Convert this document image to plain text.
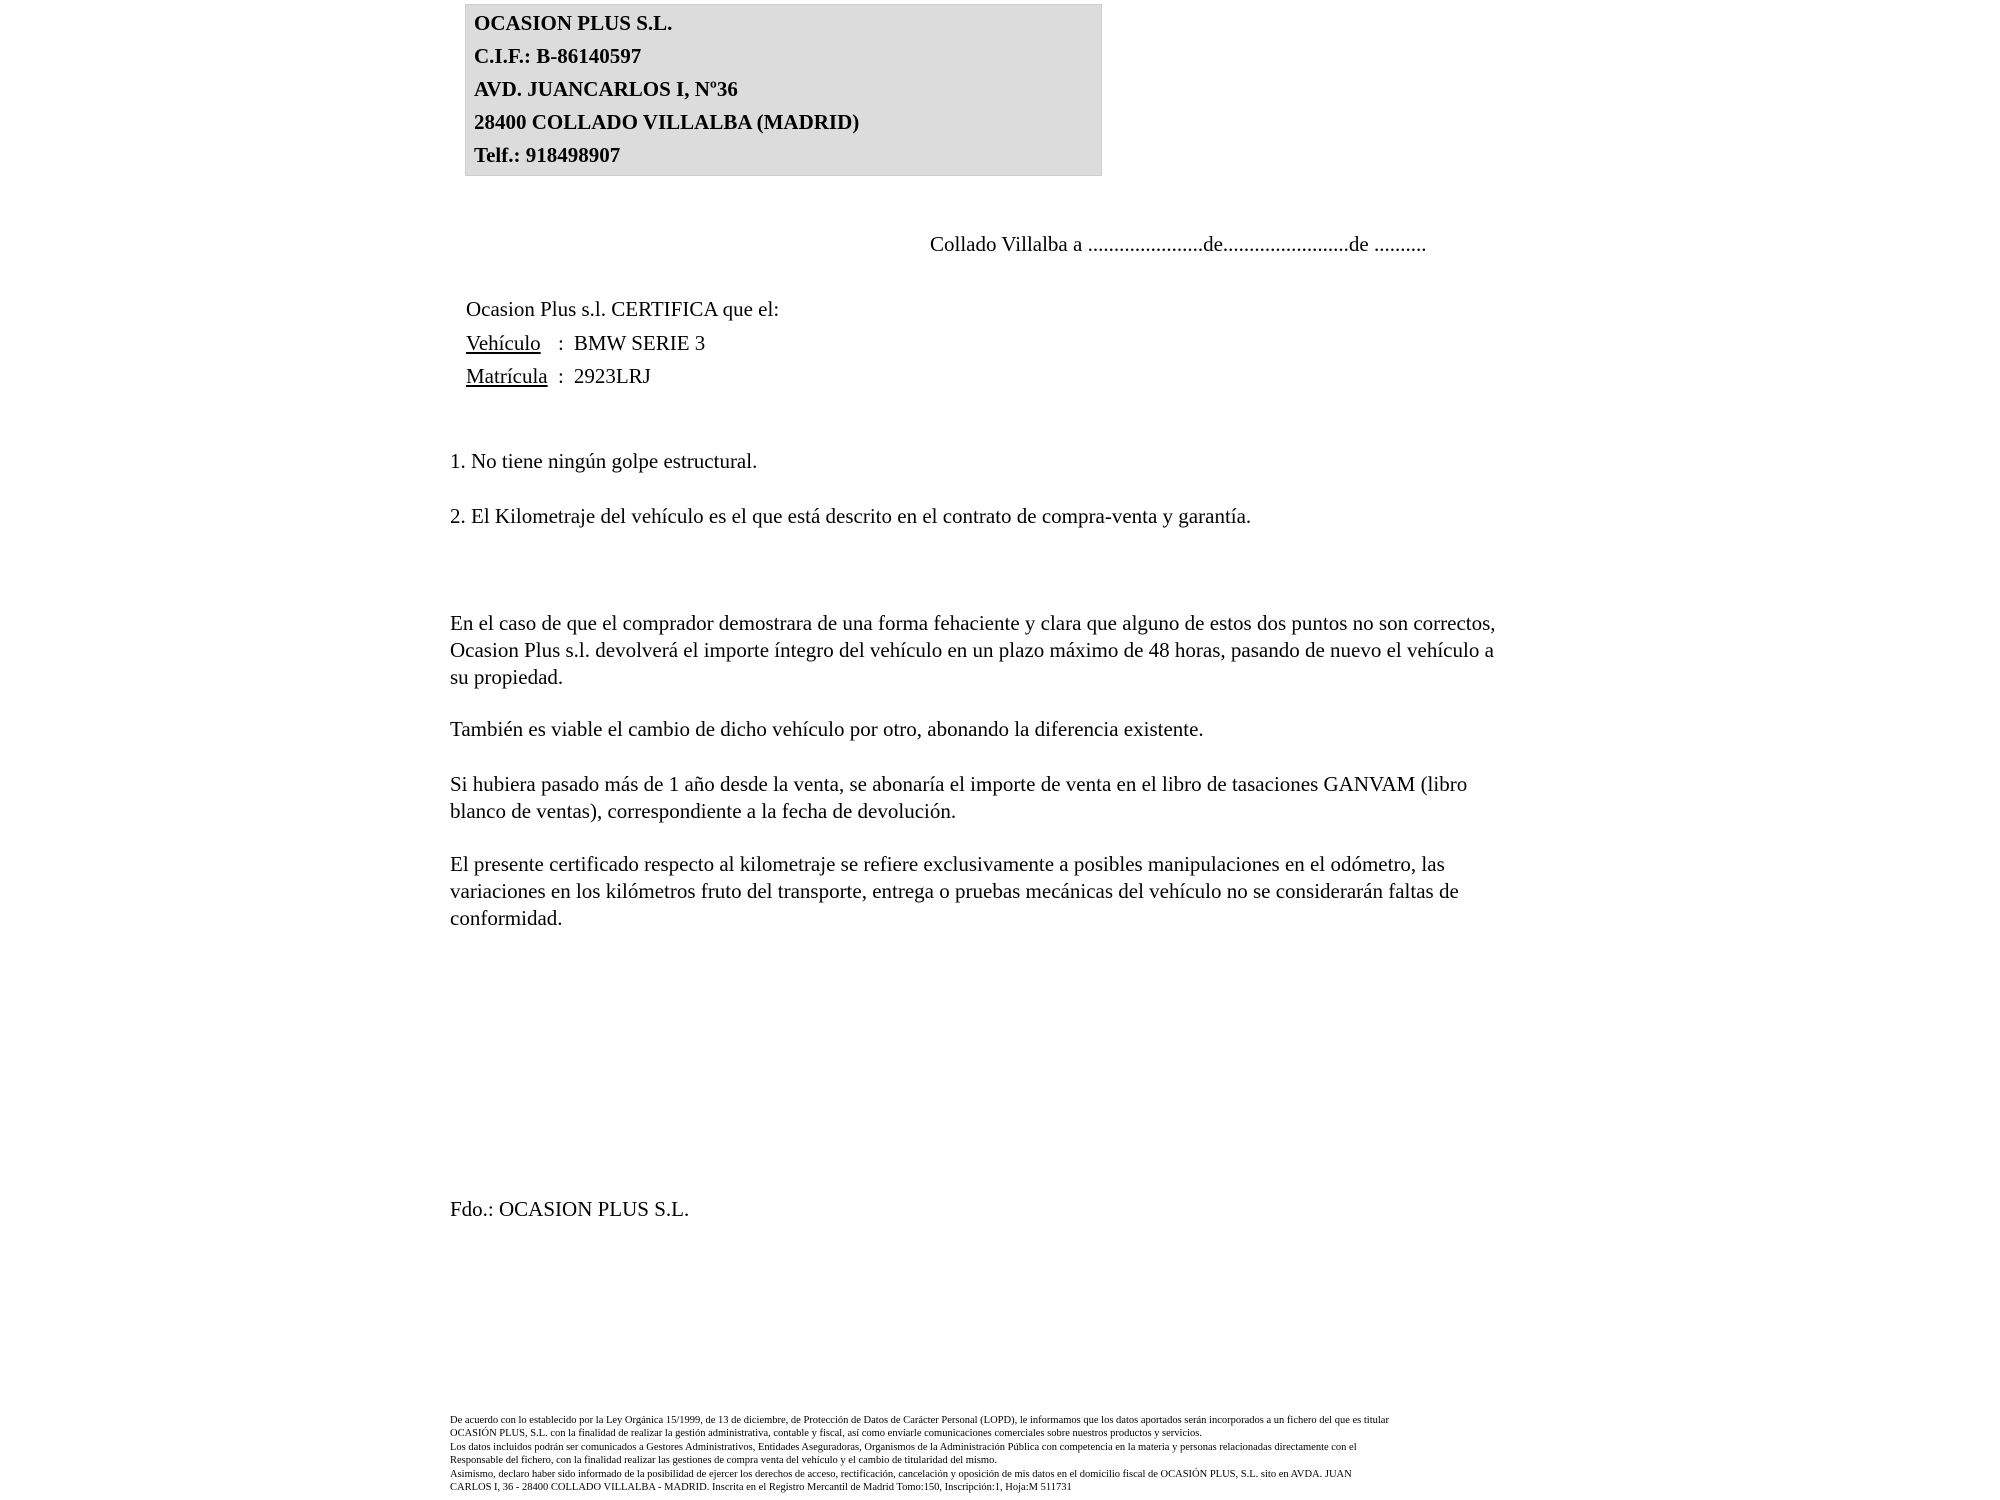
OCASION PLUS S.L.
C.I.F.: B-86140597
AVD. JUANCARLOS I, Nº36
28400 COLLADO VILLALBA (MADRID)
Telf.: 918498907
Collado Villalba a ......................de........................de ..........
Ocasion Plus s.l. CERTIFICA que el:
Vehículo : BMW SERIE 3
Matrícula : 2923LRJ
1. No tiene ningún golpe estructural.
2. El Kilometraje del vehículo es el que está descrito en el contrato de compra-venta y garantía.
En el caso de que el comprador demostrara de una forma fehaciente y clara que alguno de estos dos puntos no son correctos, Ocasion Plus s.l. devolverá el importe íntegro del vehículo en un plazo máximo de 48 horas, pasando de nuevo el vehículo a su propiedad.
También es viable el cambio de dicho vehículo por otro, abonando la diferencia existente.
Si hubiera pasado más de 1 año desde la venta, se abonaría el importe de venta en el libro de tasaciones GANVAM (libro blanco de ventas), correspondiente a la fecha de devolución.
El presente certificado respecto al kilometraje se refiere exclusivamente a posibles manipulaciones en el odómetro, las variaciones en los kilómetros fruto del transporte, entrega o pruebas mecánicas del vehículo no se considerarán faltas de conformidad.
Fdo.: OCASION PLUS S.L.
De acuerdo con lo establecido por la Ley Orgánica 15/1999, de 13 de diciembre, de Protección de Datos de Carácter Personal (LOPD), le informamos que los datos aportados serán incorporados a un fichero del que es titular
OCASIÓN PLUS, S.L. con la finalidad de realizar la gestión administrativa, contable y fiscal, así como enviarle comunicaciones comerciales sobre nuestros productos y servicios.
Los datos incluidos podrán ser comunicados a Gestores Administrativos, Entidades Aseguradoras, Organismos de la Administración Pública con competencia en la materia y personas relacionadas directamente con el
Responsable del fichero, con la finalidad realizar las gestiones de compra venta del vehículo y el cambio de titularidad del mismo.
Asimismo, declaro haber sido informado de la posibilidad de ejercer los derechos de acceso, rectificación, cancelación y oposición de mis datos en el domicilio fiscal de OCASIÓN PLUS, S.L. sito en AVDA. JUAN
CARLOS I, 36 - 28400 COLLADO VILLALBA - MADRID. Inscrita en el Registro Mercantil de Madrid Tomo:150, Inscripción:1, Hoja:M 511731
